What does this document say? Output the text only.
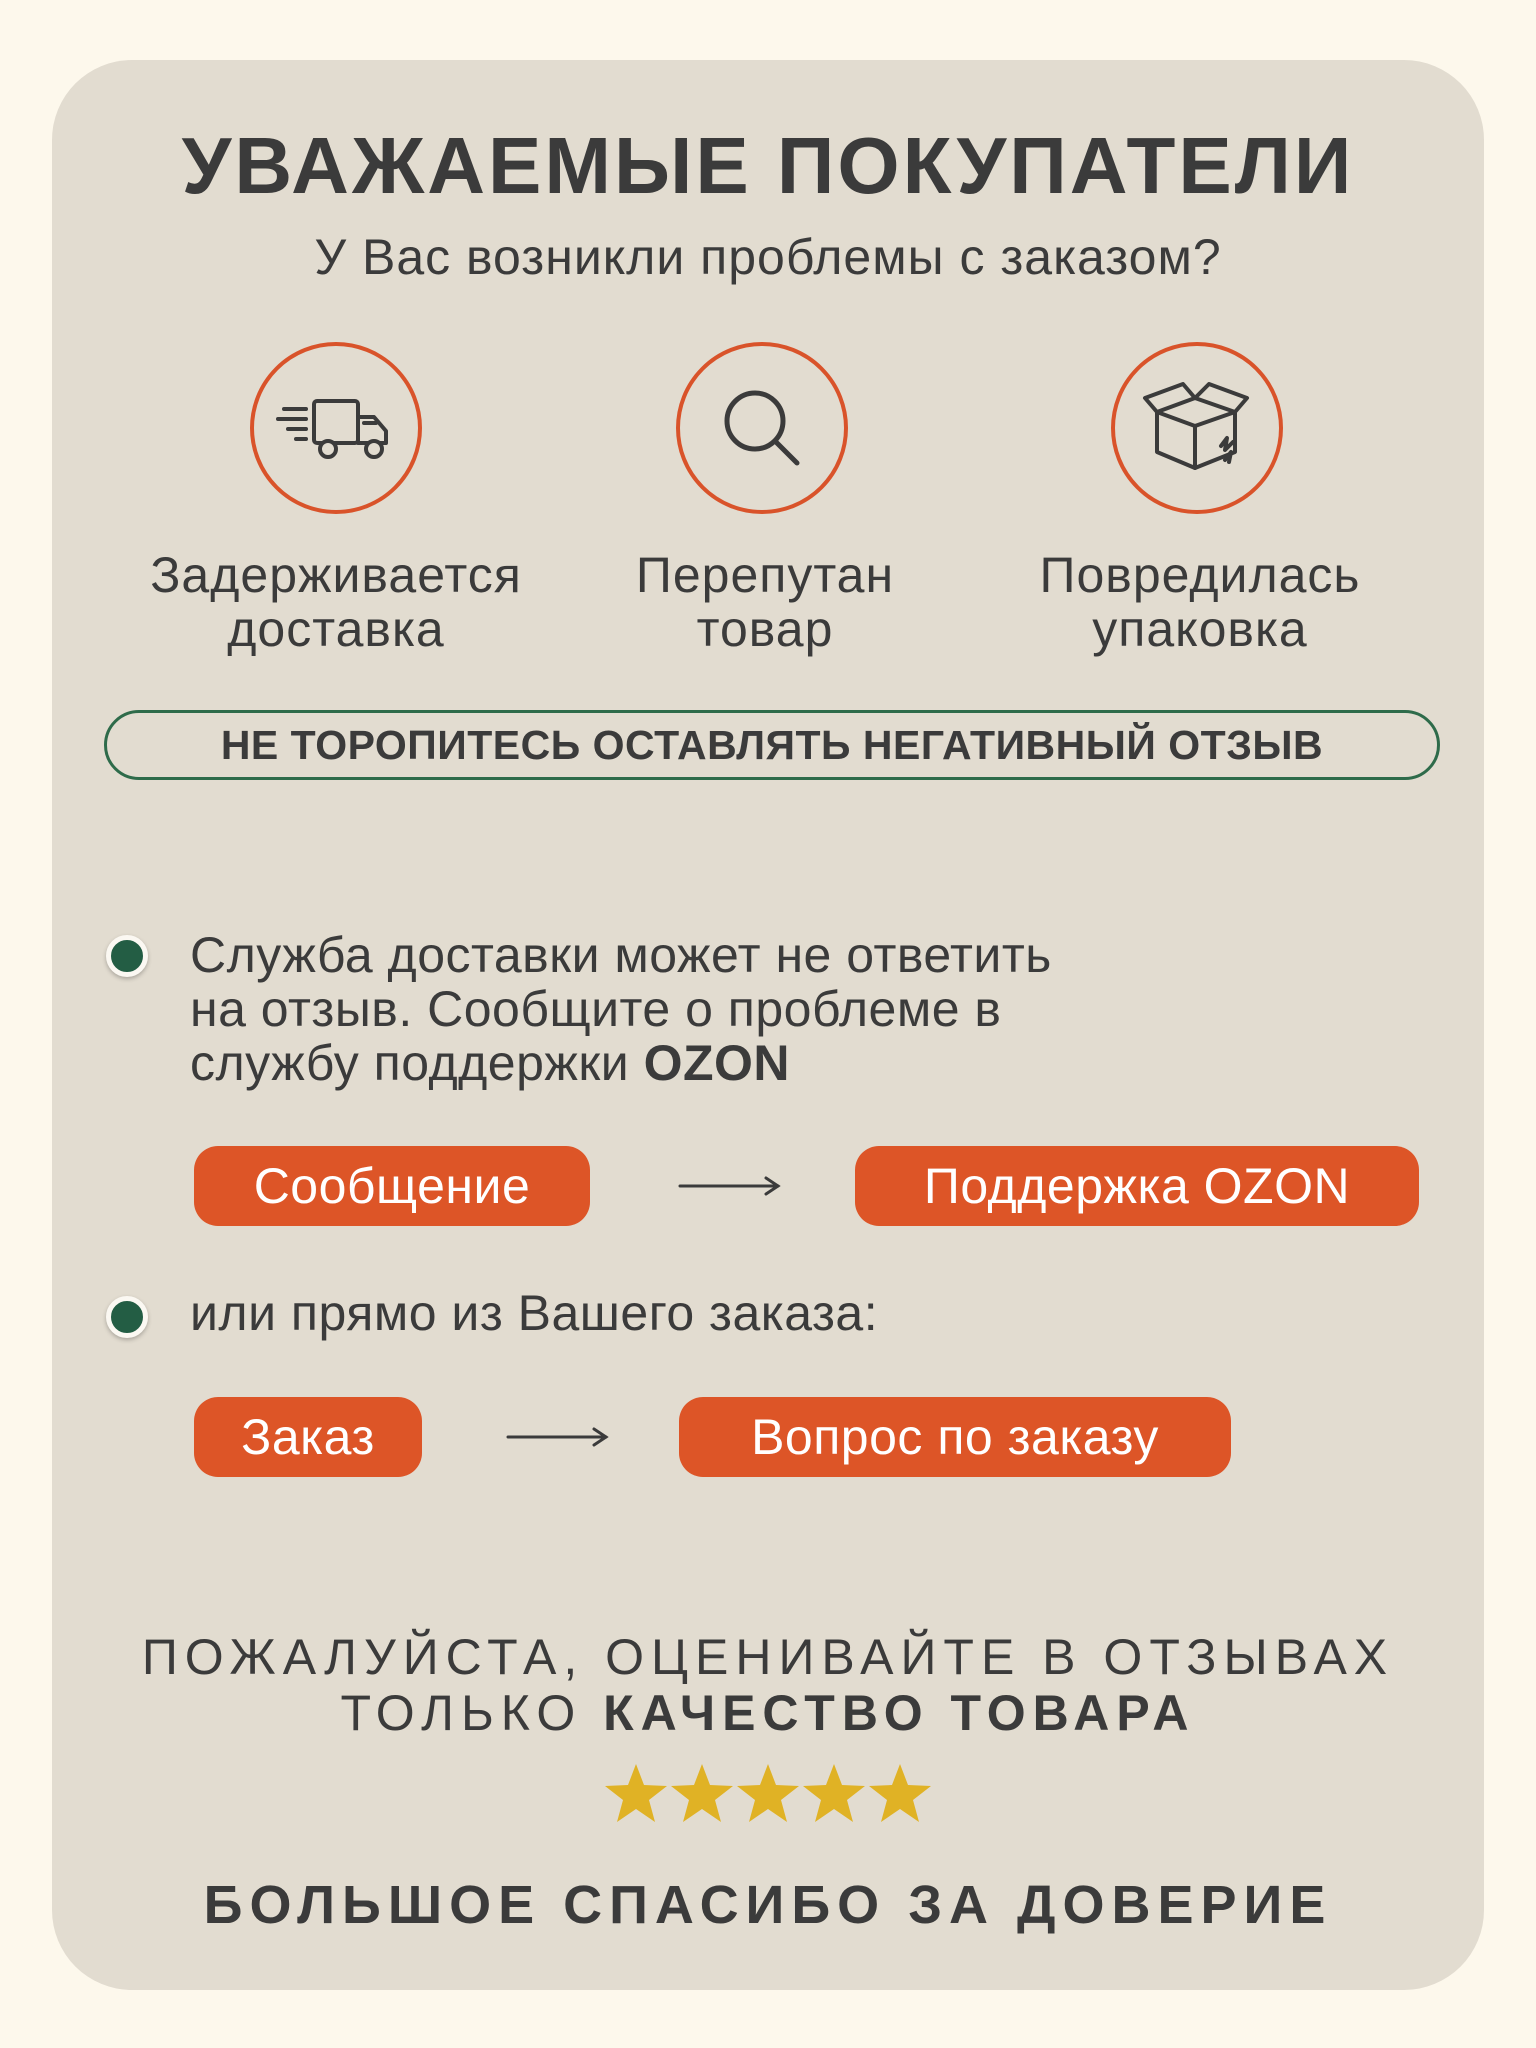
УВАЖАЕМЫЕ ПОКУПАТЕЛИ
У Вас возникли проблемы с заказом?
Задерживается
доставка
Перепутан
товар
Повредилась
упаковка
НЕ ТОРОПИТЕСЬ ОСТАВЛЯТЬ НЕГАТИВНЫЙ ОТЗЫВ
Служба доставки может не ответить
на отзыв. Сообщите о проблеме в
службу поддержки OZON
Сообщение	Поддержка OZON
или прямо из Вашего заказа:
Заказ	Вопрос по заказу
ПОЖАЛУЙСТА, ОЦЕНИВАЙТЕ В ОТЗЫВАХ
ТОЛЬКО КАЧЕСТВО ТОВАРА
БОЛЬШОЕ СПАСИБО ЗА ДОВЕРИЕ
